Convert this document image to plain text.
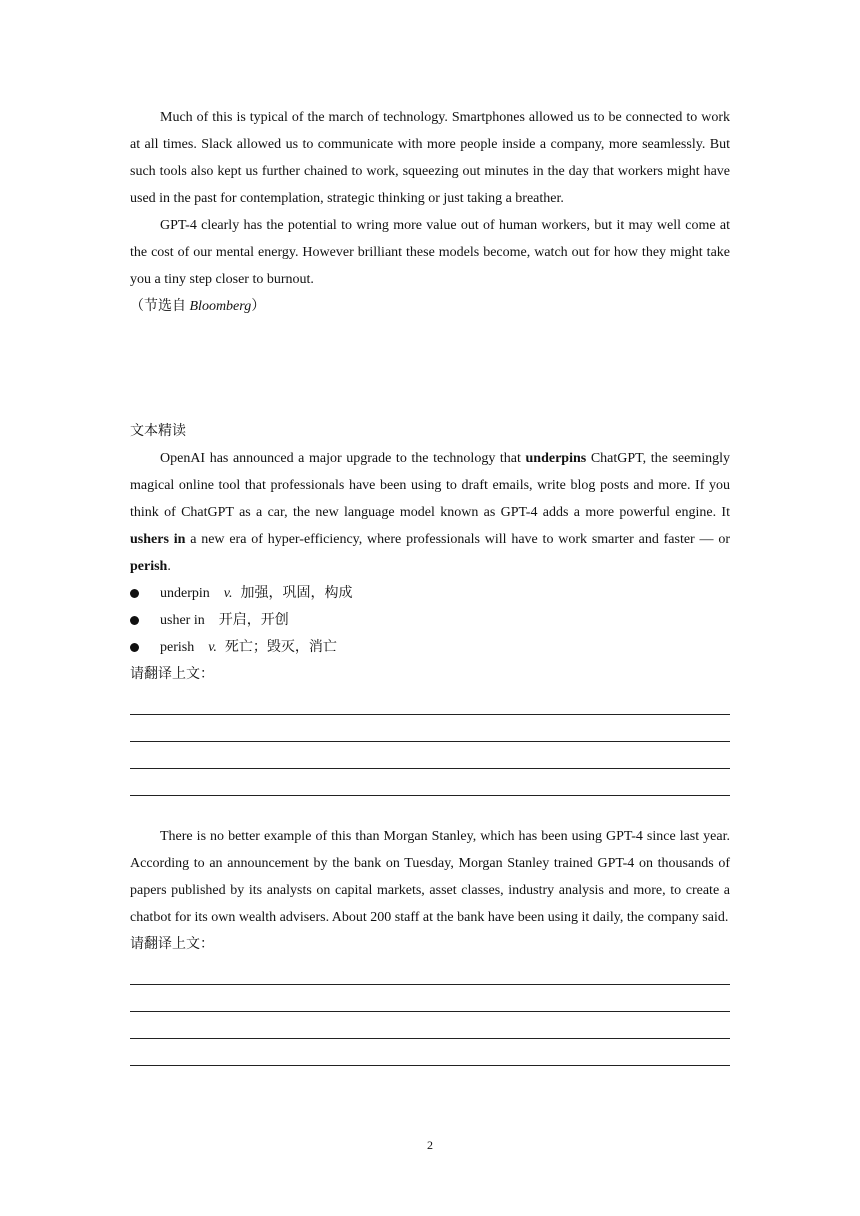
Much of this is typical of the march of technology. Smartphones allowed us to be connected to work at all times. Slack allowed us to communicate with more people inside a company, more seamlessly. But such tools also kept us further chained to work, squeezing out minutes in the day that workers might have used in the past for contemplation, strategic thinking or just taking a breather.

GPT-4 clearly has the potential to wring more value out of human workers, but it may well come at the cost of our mental energy. However brilliant these models become, watch out for how they might take you a tiny step closer to burnout.

（节选自 Bloomberg）
文本精读

OpenAI has announced a major upgrade to the technology that underpins ChatGPT, the seemingly magical online tool that professionals have been using to draft emails, write blog posts and more. If you think of ChatGPT as a car, the new language model known as GPT-4 adds a more powerful engine. It ushers in a new era of hyper-efficiency, where professionals will have to work smarter and faster — or perish.

underpin v. 加强，巩固，构成
usher in 开启，开创
perish v. 死亡；毁灭，消亡
请翻译上文：

There is no better example of this than Morgan Stanley, which has been using GPT-4 since last year. According to an announcement by the bank on Tuesday, Morgan Stanley trained GPT-4 on thousands of papers published by its analysts on capital markets, asset classes, industry analysis and more, to create a chatbot for its own wealth advisers. About 200 staff at the bank have been using it daily, the company said.

请翻译上文：
2
